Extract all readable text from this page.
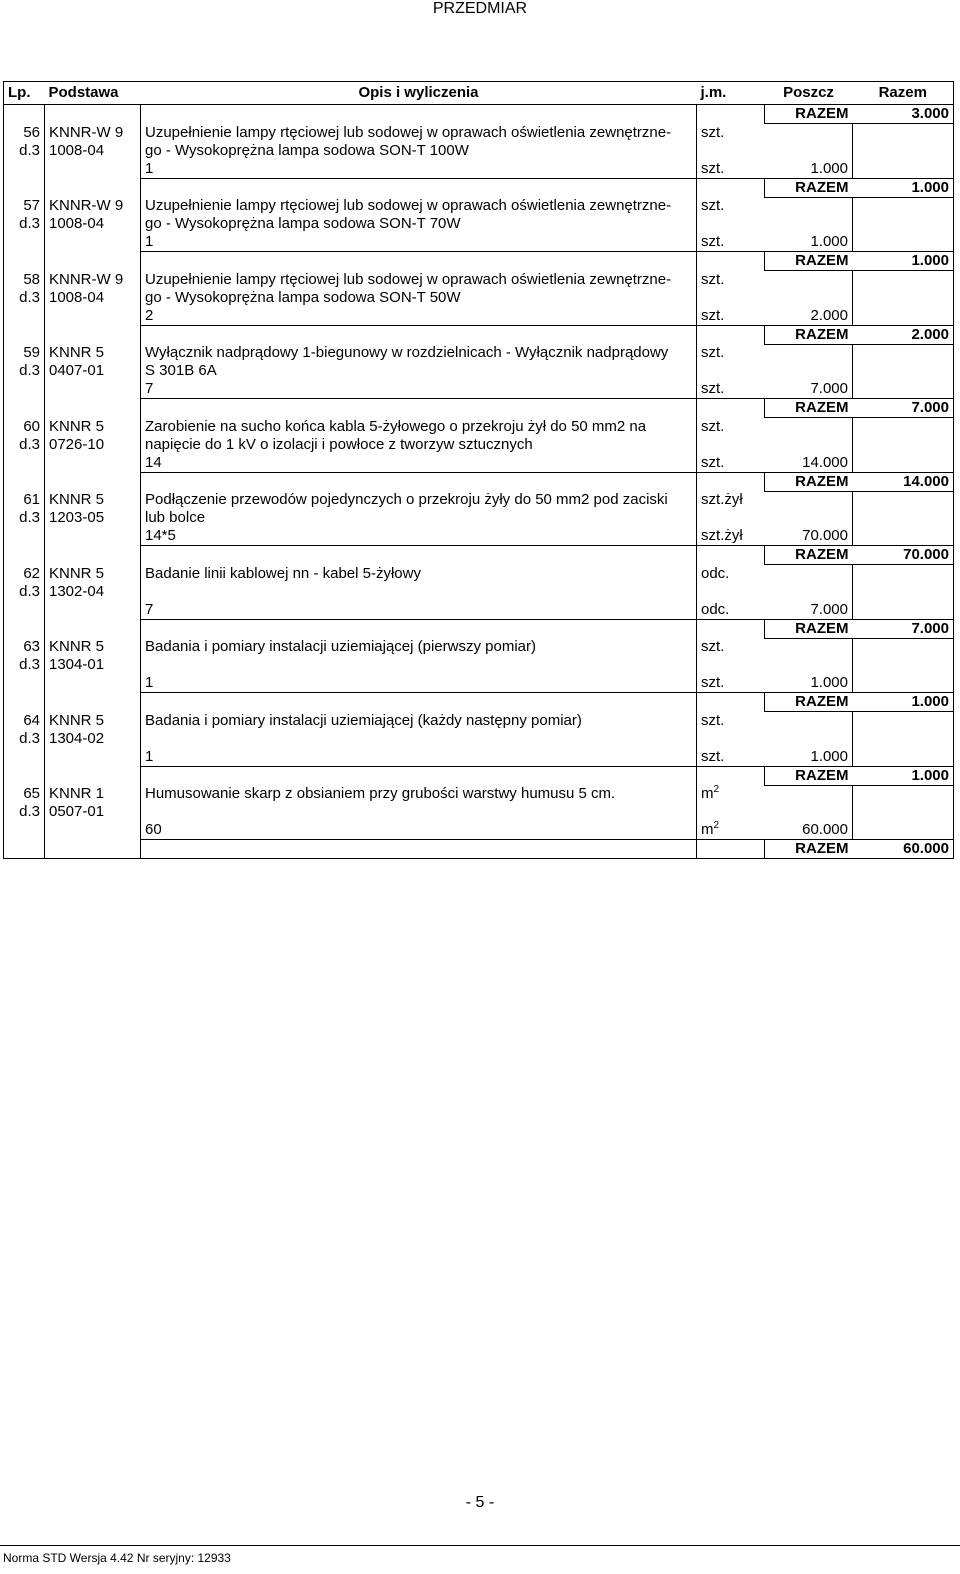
PRZEDMIAR
Lp.	Podstawa	Opis i wyliczenia	j.m.	Poszcz	Razem
				RAZEM	3.000
56	KNNR-W 9	Uzupełnienie lampy rtęciowej lub sodowej w oprawach oświetlenia zewnętrzne-	szt.		
d.3	1008-04	go - Wysokoprężna lampa sodowa SON-T 100W			
		1	szt.	1.000	
				RAZEM	1.000
57	KNNR-W 9	Uzupełnienie lampy rtęciowej lub sodowej w oprawach oświetlenia zewnętrzne-	szt.		
d.3	1008-04	go - Wysokoprężna lampa sodowa SON-T 70W			
		1	szt.	1.000	
				RAZEM	1.000
58	KNNR-W 9	Uzupełnienie lampy rtęciowej lub sodowej w oprawach oświetlenia zewnętrzne-	szt.		
d.3	1008-04	go - Wysokoprężna lampa sodowa SON-T 50W			
		2	szt.	2.000	
				RAZEM	2.000
59	KNNR 5	Wyłącznik nadprądowy 1-biegunowy w rozdzielnicach - Wyłącznik nadprądowy	szt.		
d.3	0407-01	S 301B 6A			
		7	szt.	7.000	
				RAZEM	7.000
60	KNNR 5	Zarobienie na sucho końca kabla 5-żyłowego o przekroju żył do 50 mm2 na	szt.		
d.3	0726-10	napięcie do 1 kV o izolacji i powłoce z tworzyw sztucznych			
		14	szt.	14.000	
				RAZEM	14.000
61	KNNR 5	Podłączenie przewodów pojedynczych o przekroju żyły do 50 mm2 pod zaciski	szt.żył		
d.3	1203-05	lub bolce			
		14*5	szt.żył	70.000	
				RAZEM	70.000
62	KNNR 5	Badanie linii kablowej nn - kabel 5-żyłowy	odc.		
d.3	1302-04				
		7	odc.	7.000	
				RAZEM	7.000
63	KNNR 5	Badania i pomiary instalacji uziemiającej (pierwszy pomiar)	szt.		
d.3	1304-01				
		1	szt.	1.000	
				RAZEM	1.000
64	KNNR 5	Badania i pomiary instalacji uziemiającej (każdy następny pomiar)	szt.		
d.3	1304-02				
		1	szt.	1.000	
				RAZEM	1.000
65	KNNR 1	Humusowanie skarp z obsianiem przy grubości warstwy humusu 5 cm.	$m^2$		
d.3	0507-01				
		60	$m^2$	60.000	
				RAZEM	60.000
- 5 -
Norma STD Wersja 4.42 Nr seryjny: 12933
